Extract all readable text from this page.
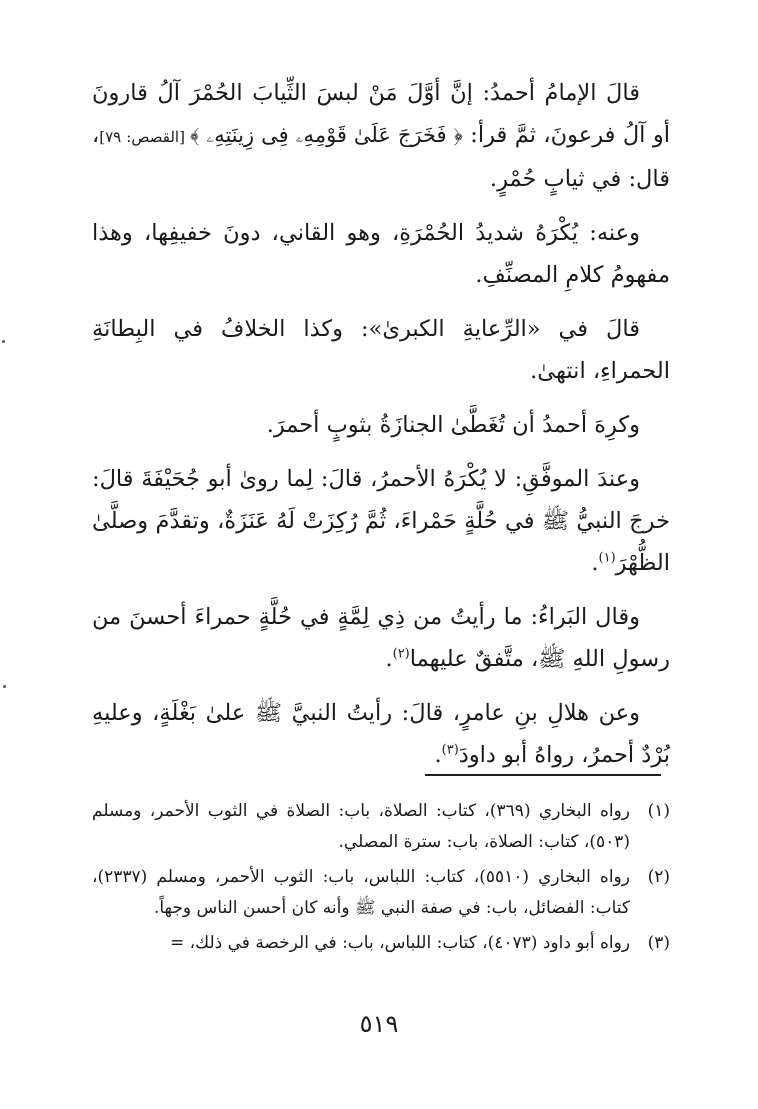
قالَ الإمامُ أحمدُ: إنَّ أوَّلَ مَنْ لبسَ الثِّيابَ الحُمْرَ آلُ قارونَ أو آلُ فرعونَ، ثمَّ قرأ: ﴿ فَخَرَجَ عَلَىٰ قَوْمِهِۦ فِى زِينَتِهِۦ ﴾ [القصص: ٧٩]، قال: في ثيابٍ حُمْرٍ.

وعنه: يُكْرَهُ شديدُ الحُمْرَةِ، وهو القاني، دونَ خفيفِها، وهذا مفهومُ كلامِ المصنِّفِ.

قالَ في «الرِّعايةِ الكبرىٰ»: وكذا الخلافُ في البِطانَةِ الحمراءِ، انتهىٰ.

وكرِهَ أحمدُ أن تُغَطَّىٰ الجنازَةُ بثوبٍ أحمرَ.

وعندَ الموفَّقِ: لا يُكْرَهُ الأحمرُ، قالَ: لِما روىٰ أبو جُحَيْفَةَ قالَ: خرجَ النبيُّ ﷺ في حُلَّةٍ حَمْراءَ، ثُمَّ رُكِزَتْ لَهُ عَنَزَةٌ، وتقدَّمَ وصلَّىٰ الظُّهْرَ$^{(١)}$.

وقال البَراءُ: ما رأيتُ من ذِي لِمَّةٍ في حُلَّةٍ حمراءَ أحسنَ من رسولِ اللهِ ﷺ، متَّفقٌ عليهما$^{(٢)}$.

وعن هلالِ بنِ عامرٍ، قالَ: رأيتُ النبيَّ ﷺ علىٰ بَغْلَةٍ، وعليهِ بُرْدٌ أحمرُ، رواهُ أبو داودَ$^{(٣)}$.

(١)
رواه البخاري (٣٦٩)، كتاب: الصلاة، باب: الصلاة في الثوب الأحمر، ومسلم (٥٠٣)، كتاب: الصلاة، باب: سترة المصلي.
(٢)
رواه البخاري (٥٥١٠)، كتاب: اللباس، باب: الثوب الأحمر، ومسلم (٢٣٣٧)، كتاب: الفضائل، باب: في صفة النبي ﷺ وأنه كان أحسن الناس وجهاً.
(٣)
رواه أبو داود (٤٠٧٣)، كتاب: اللباس، باب: في الرخصة في ذلك، =
٥١٩
